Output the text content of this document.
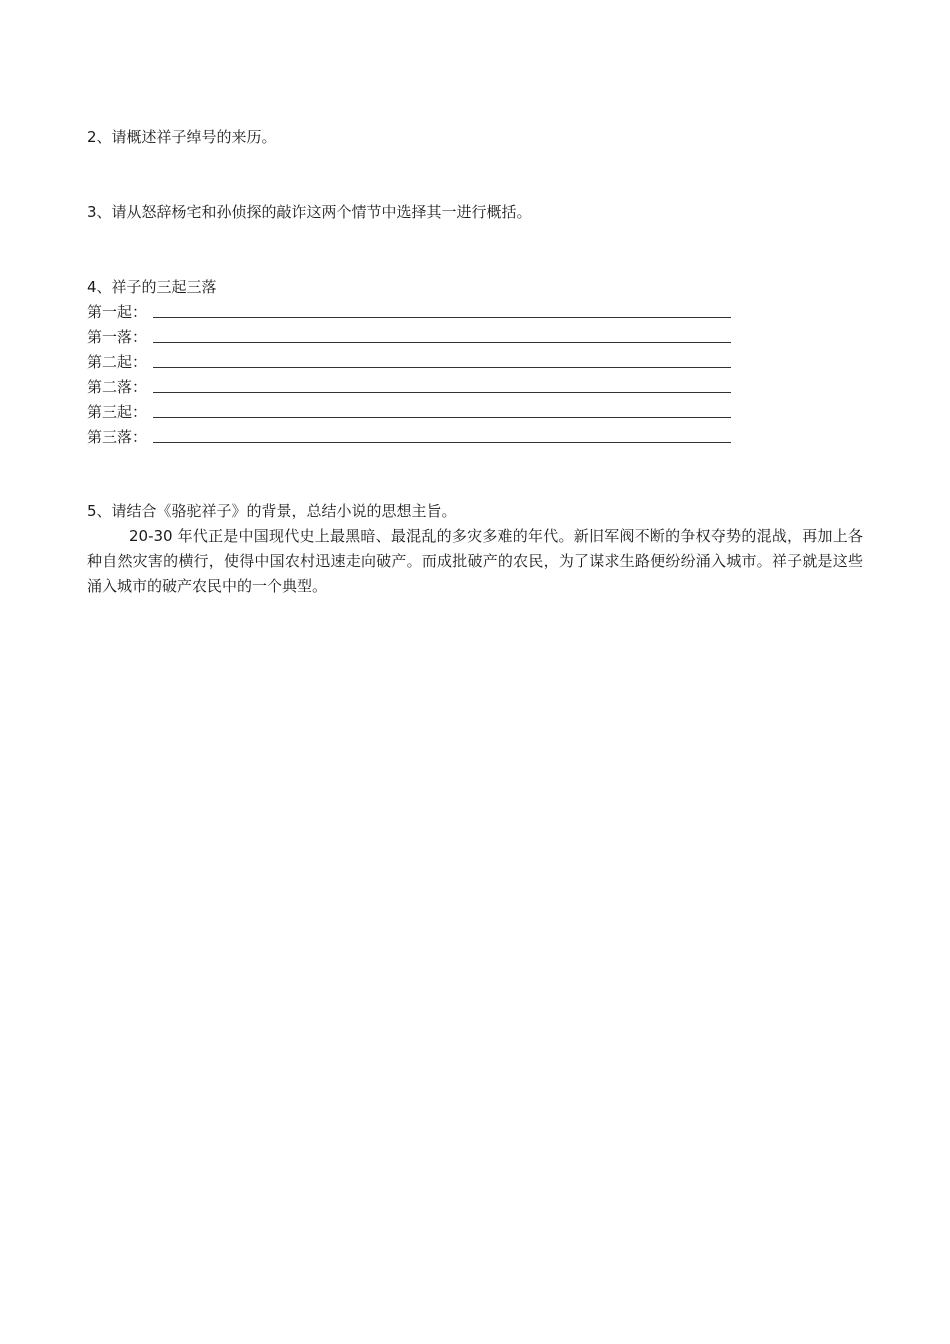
2、请概述祥子绰号的来历。
3、请从怒辞杨宅和孙侦探的敲诈这两个情节中选择其一进行概括。
4、祥子的三起三落
第一起：
第一落：
第二起：
第二落：
第三起：
第三落：
5、请结合《骆驼祥子》的背景，总结小说的思想主旨。
20-30 年代正是中国现代史上最黑暗、最混乱的多灾多难的年代。新旧军阀不断的争权夺势的混战，再加上各种自然灾害的横行，使得中国农村迅速走向破产。而成批破产的农民，为了谋求生路便纷纷涌入城市。祥子就是这些涌入城市的破产农民中的一个典型。
